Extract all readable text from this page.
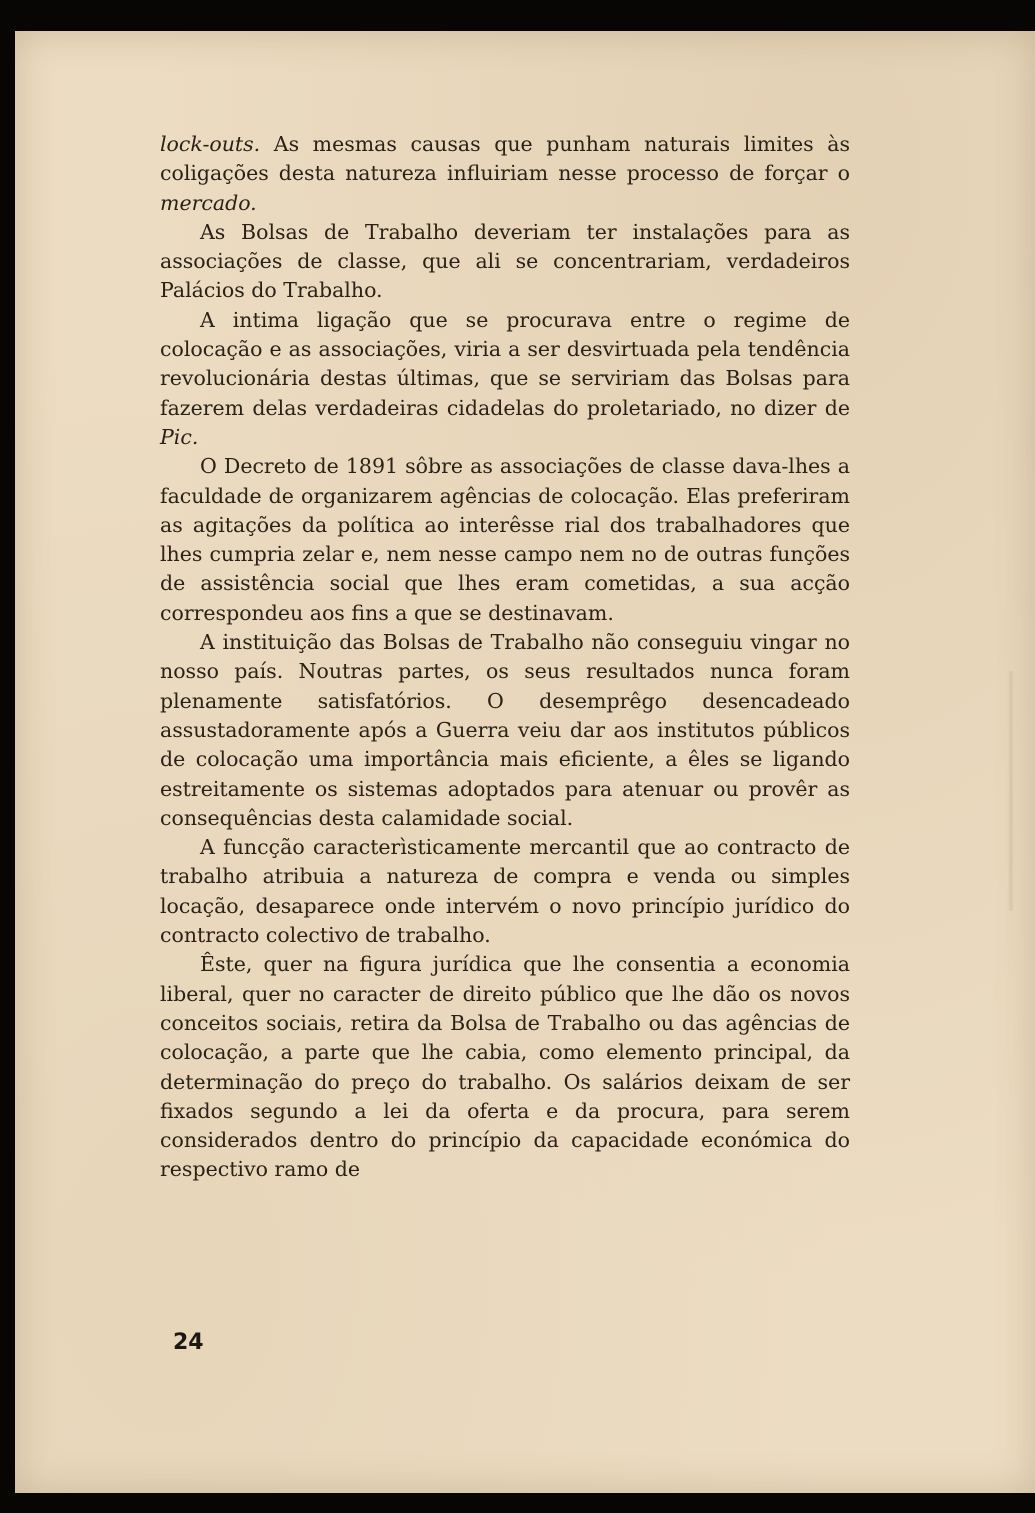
lock-outs. As mesmas causas que punham naturais limites às coligações desta natureza influiriam nesse processo de forçar o mercado.

As Bolsas de Trabalho deveriam ter instalações para as associações de classe, que ali se concentrariam, verdadeiros Palácios do Trabalho.

A intima ligação que se procurava entre o regime de colocação e as associações, viria a ser desvirtuada pela tendência revolucionária destas últimas, que se serviriam das Bolsas para fazerem delas verdadeiras cidadelas do proletariado, no dizer de Pic.

O Decreto de 1891 sôbre as associações de classe dava-lhes a faculdade de organizarem agências de colocação. Elas preferiram as agitações da política ao interêsse rial dos trabalhadores que lhes cumpria zelar e, nem nesse campo nem no de outras funções de assistência social que lhes eram cometidas, a sua acção correspondeu aos fins a que se destinavam.

A instituição das Bolsas de Trabalho não conseguiu vingar no nosso país. Noutras partes, os seus resultados nunca foram plenamente satisfatórios. O desemprêgo desencadeado assustadoramente após a Guerra veiu dar aos institutos públicos de colocação uma importância mais eficiente, a êles se ligando estreitamente os sistemas adoptados para atenuar ou provêr as consequências desta calamidade social.

A funcção caracterìsticamente mercantil que ao contracto de trabalho atribuia a natureza de compra e venda ou simples locação, desaparece onde intervém o novo princípio jurídico do contracto colectivo de trabalho.

Êste, quer na figura jurídica que lhe consentia a economia liberal, quer no caracter de direito público que lhe dão os novos conceitos sociais, retira da Bolsa de Trabalho ou das agências de colocação, a parte que lhe cabia, como elemento principal, da determinação do preço do trabalho. Os salários deixam de ser fixados segundo a lei da oferta e da procura, para serem considerados dentro do princípio da capacidade económica do respectivo ramo de

24
